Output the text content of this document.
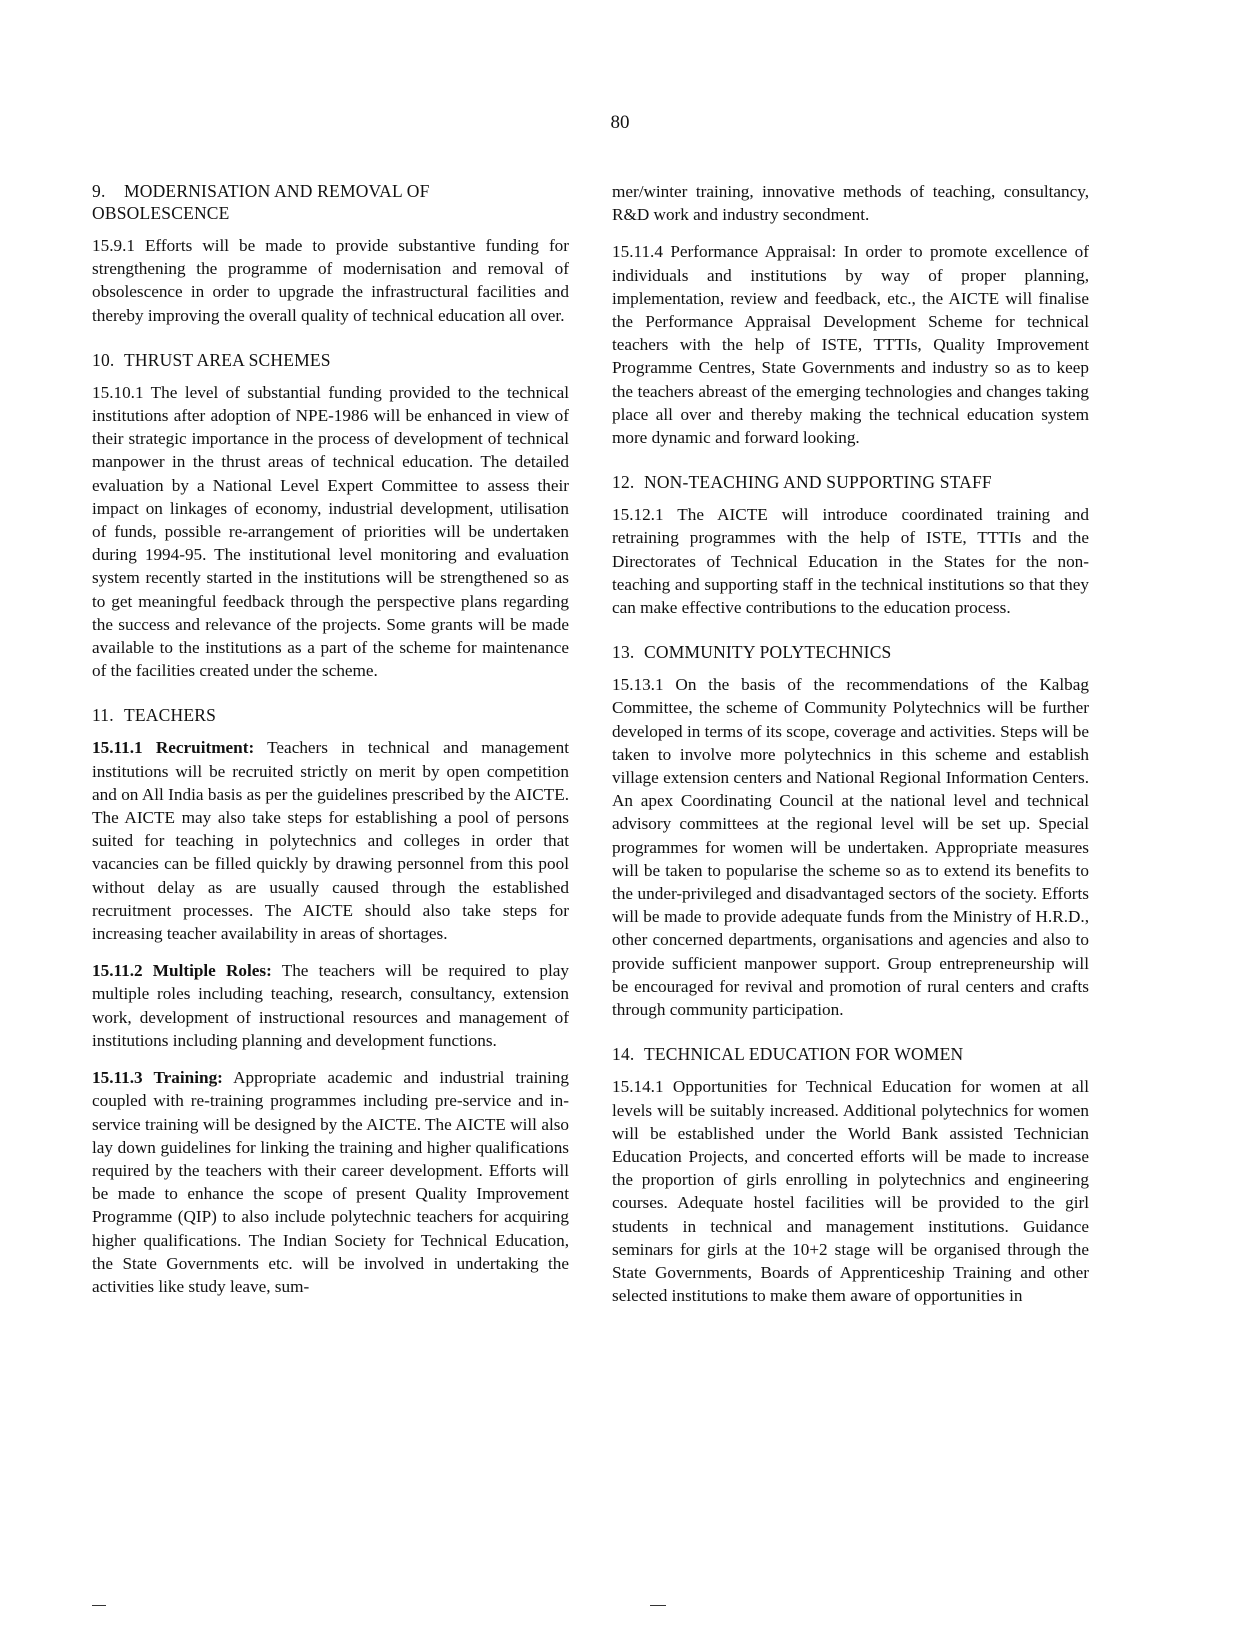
80
9. MODERNISATION AND REMOVAL OF OBSOLESCENCE

15.9.1 Efforts will be made to provide substantive funding for strengthening the programme of modernisation and removal of obsolescence in order to upgrade the infrastructural facilities and thereby improving the overall quality of technical education all over.

10. THRUST AREA SCHEMES

15.10.1 The level of substantial funding provided to the technical institutions after adoption of NPE-1986 will be enhanced in view of their strategic importance in the process of development of technical manpower in the thrust areas of technical education. The detailed evaluation by a National Level Expert Committee to assess their impact on linkages of economy, industrial development, utilisation of funds, possible re-arrangement of priorities will be undertaken during 1994-95. The institutional level monitoring and evaluation system recently started in the institutions will be strengthened so as to get meaningful feedback through the perspective plans regarding the success and relevance of the projects. Some grants will be made available to the institutions as a part of the scheme for maintenance of the facilities created under the scheme.

11. TEACHERS

15.11.1 Recruitment: Teachers in technical and management institutions will be recruited strictly on merit by open competition and on All India basis as per the guidelines prescribed by the AICTE. The AICTE may also take steps for establishing a pool of persons suited for teaching in polytechnics and colleges in order that vacancies can be filled quickly by drawing personnel from this pool without delay as are usually caused through the established recruitment processes. The AICTE should also take steps for increasing teacher availability in areas of shortages.

15.11.2 Multiple Roles: The teachers will be required to play multiple roles including teaching, research, consultancy, extension work, development of instructional resources and management of institutions including planning and development functions.

15.11.3 Training: Appropriate academic and industrial training coupled with re-training programmes including pre-service and in-service training will be designed by the AICTE. The AICTE will also lay down guidelines for linking the training and higher qualifications required by the teachers with their career development. Efforts will be made to enhance the scope of present Quality Improvement Programme (QIP) to also include polytechnic teachers for acquiring higher qualifications. The Indian Society for Technical Education, the State Governments etc. will be involved in undertaking the activities like study leave, sum-

mer/winter training, innovative methods of teaching, consultancy, R&D work and industry secondment.

15.11.4 Performance Appraisal: In order to promote excellence of individuals and institutions by way of proper planning, implementation, review and feedback, etc., the AICTE will finalise the Performance Appraisal Development Scheme for technical teachers with the help of ISTE, TTTIs, Quality Improvement Programme Centres, State Governments and industry so as to keep the teachers abreast of the emerging technologies and changes taking place all over and thereby making the technical education system more dynamic and forward looking.

12. NON-TEACHING AND SUPPORTING STAFF

15.12.1 The AICTE will introduce coordinated training and retraining programmes with the help of ISTE, TTTIs and the Directorates of Technical Education in the States for the non-teaching and supporting staff in the technical institutions so that they can make effective contributions to the education process.

13. COMMUNITY POLYTECHNICS

15.13.1 On the basis of the recommendations of the Kalbag Committee, the scheme of Community Polytechnics will be further developed in terms of its scope, coverage and activities. Steps will be taken to involve more polytechnics in this scheme and establish village extension centers and National Regional Information Centers. An apex Coordinating Council at the national level and technical advisory committees at the regional level will be set up. Special programmes for women will be undertaken. Appropriate measures will be taken to popularise the scheme so as to extend its benefits to the under-privileged and disadvantaged sectors of the society. Efforts will be made to provide adequate funds from the Ministry of H.R.D., other concerned departments, organisations and agencies and also to provide sufficient manpower support. Group entrepreneurship will be encouraged for revival and promotion of rural centers and crafts through community participation.

14. TECHNICAL EDUCATION FOR WOMEN

15.14.1 Opportunities for Technical Education for women at all levels will be suitably increased. Additional polytechnics for women will be established under the World Bank assisted Technician Education Projects, and concerted efforts will be made to increase the proportion of girls enrolling in polytechnics and engineering courses. Adequate hostel facilities will be provided to the girl students in technical and management institutions. Guidance seminars for girls at the 10+2 stage will be organised through the State Governments, Boards of Apprenticeship Training and other selected institutions to make them aware of opportunities in
